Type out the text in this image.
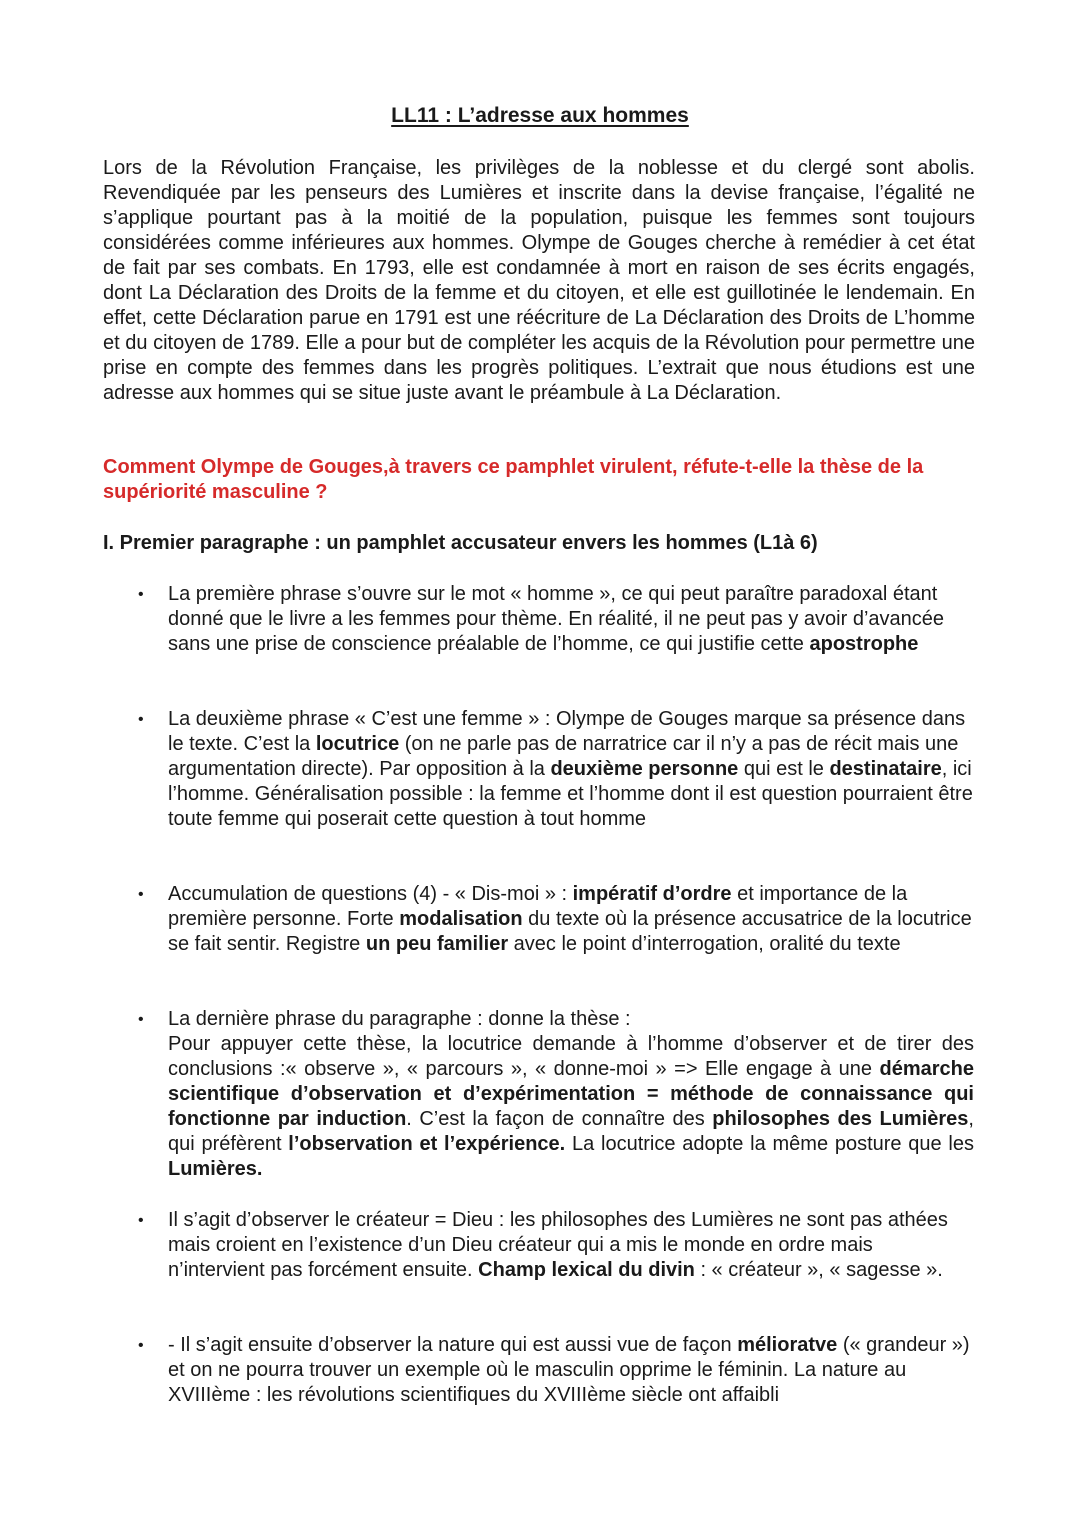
LL11 : L’adresse aux hommes

Lors de la Révolution Française, les privilèges de la noblesse et du clergé sont abolis. Revendiquée par les penseurs des Lumières et inscrite dans la devise française, l’égalité ne s’applique pourtant pas à la moitié de la population, puisque les femmes sont toujours considérées comme inférieures aux hommes. Olympe de Gouges cherche à remédier à cet état de fait par ses combats. En 1793, elle est condamnée à mort en raison de ses écrits engagés, dont La Déclaration des Droits de la femme et du citoyen, et elle est guillotinée le lendemain. En effet, cette Déclaration parue en 1791 est une réécriture de La Déclaration des Droits de L’homme et du citoyen de 1789. Elle a pour but de compléter les acquis de la Révolution pour permettre une prise en compte des femmes dans les progrès politiques. L’extrait que nous étudions est une adresse aux hommes qui se situe juste avant le préambule à La Déclaration.

Comment Olympe de Gouges,à travers ce pamphlet virulent, réfute-t-elle la thèse de la supériorité masculine ?

I. Premier paragraphe : un pamphlet accusateur envers les hommes (L1à 6)

• La première phrase s’ouvre sur le mot « homme », ce qui peut paraître paradoxal étant donné que le livre a les femmes pour thème. En réalité, il ne peut pas y avoir d’avancée sans une prise de conscience préalable de l’homme, ce qui justifie cette apostrophe

• La deuxième phrase « C’est une femme » : Olympe de Gouges marque sa présence dans le texte. C’est la locutrice (on ne parle pas de narratrice car il n’y a pas de récit mais une argumentation directe). Par opposition à la deuxième personne qui est le destinataire, ici l’homme. Généralisation possible : la femme et l’homme dont il est question pourraient être toute femme qui poserait cette question à tout homme

• Accumulation de questions (4) - « Dis-moi » : impératif d’ordre et importance de la première personne. Forte modalisation du texte où la présence accusatrice de la locutrice se fait sentir. Registre un peu familier avec le point d’interrogation, oralité du texte

• La dernière phrase du paragraphe : donne la thèse :
Pour appuyer cette thèse, la locutrice demande à l’homme d’observer et de tirer des conclusions :« observe », « parcours », « donne-moi » => Elle engage à une démarche scientifique d’observation et d’expérimentation = méthode de connaissance qui fonctionne par induction. C’est la façon de connaître des philosophes des Lumières, qui préfèrent l’observation et l’expérience. La locutrice adopte la même posture que les Lumières.

• Il s’agit d’observer le créateur = Dieu : les philosophes des Lumières ne sont pas athées mais croient en l’existence d’un Dieu créateur qui a mis le monde en ordre mais n’intervient pas forcément ensuite. Champ lexical du divin : « créateur », « sagesse ».

• - Il s’agit ensuite d’observer la nature qui est aussi vue de façon mélioratve (« grandeur ») et on ne pourra trouver un exemple où le masculin opprime le féminin. La nature au XVIIIème : les révolutions scientifiques du XVIIIème siècle ont affaibli
